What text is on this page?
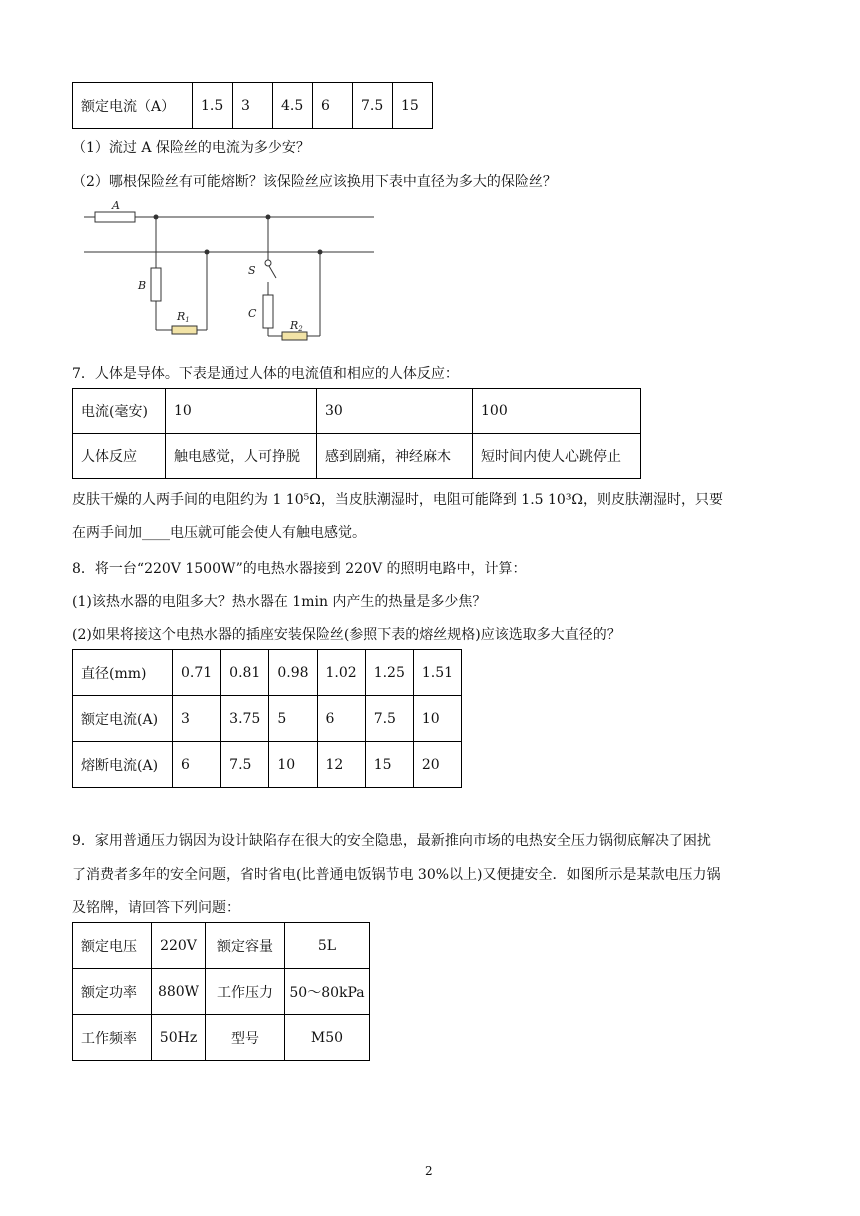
额定电流（A）	1.5	3	4.5	6	7.5	15
（1）流过 A 保险丝的电流为多少安？
（2）哪根保险丝有可能熔断？该保险丝应该换用下表中直径为多大的保险丝？
A
B
S
C
R1	R2
7．人体是导体。下表是通过人体的电流值和相应的人体反应：
电流(毫安)	10	30	100
人体反应	触电感觉，人可挣脱	感到剧痛，神经麻木	短时间内使人心跳停止
皮肤干燥的人两手间的电阻约为 1 10⁵Ω，当皮肤潮湿时，电阻可能降到 1.5 10³Ω，则皮肤潮湿时，只要
在两手间加____电压就可能会使人有触电感觉。
8．将一台“220V 1500W”的电热水器接到 220V 的照明电路中，计算：
(1)该热水器的电阻多大？热水器在 1min 内产生的热量是多少焦？
(2)如果将接这个电热水器的插座安装保险丝(参照下表的熔丝规格)应该选取多大直径的？
直径(mm)	0.71	0.81	0.98	1.02	1.25	1.51
额定电流(A)	3	3.75	5	6	7.5	10
熔断电流(A)	6	7.5	10	12	15	20
9．家用普通压力锅因为设计缺陷存在很大的安全隐患，最新推向市场的电热安全压力锅彻底解决了困扰
了消费者多年的安全问题，省时省电(比普通电饭锅节电 30%以上)又便捷安全．如图所示是某款电压力锅
及铭牌，请回答下列问题：
额定电压	220V	额定容量	5L
额定功率	880W	工作压力	50～80kPa
工作频率	50Hz	型号	M50
2
